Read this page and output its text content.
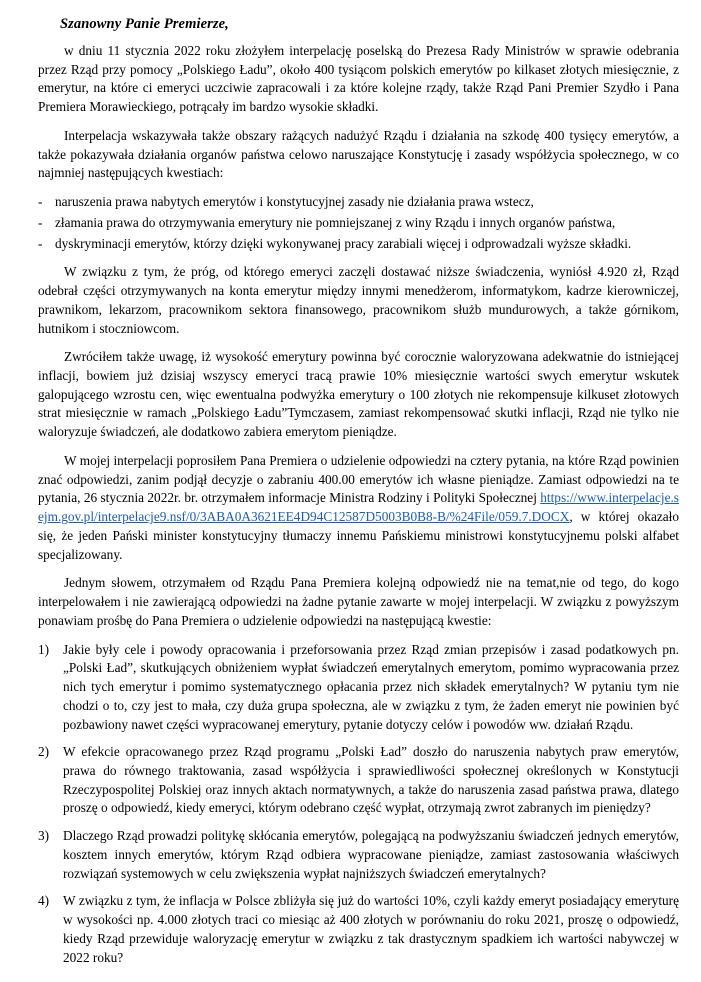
Szanowny Panie Premierze,

w dniu 11 stycznia 2022 roku złożyłem interpelację poselską do Prezesa Rady Ministrów w sprawie odebrania przez Rząd przy pomocy „Polskiego Ładu”, około 400 tysiącom polskich emerytów po kilkaset złotych miesięcznie, z emerytur, na które ci emeryci uczciwie zapracowali i za które kolejne rządy, także Rząd Pani Premier Szydło i Pana Premiera Morawieckiego, potrącały im bardzo wysokie składki.

Interpelacja wskazywała także obszary rażących nadużyć Rządu i działania na szkodę 400 tysięcy emerytów, a także pokazywała działania organów państwa celowo naruszające Konstytucję i zasady współżycia społecznego, w co najmniej następujących kwestiach:

- naruszenia prawa nabytych emerytów i konstytucyjnej zasady nie działania prawa wstecz,
- złamania prawa do otrzymywania emerytury nie pomniejszanej z winy Rządu i innych organów państwa,
- dyskryminacji emerytów, którzy dzięki wykonywanej pracy zarabiali więcej i odprowadzali wyższe składki.

W związku z tym, że próg, od którego emeryci zaczęli dostawać niższe świadczenia, wyniósł 4.920 zł, Rząd odebrał części otrzymywanych na konta emerytur między innymi menedżerom, informatykom, kadrze kierowniczej, prawnikom, lekarzom, pracownikom sektora finansowego, pracownikom służb mundurowych, a także górnikom, hutnikom i stoczniowcom.

Zwróciłem także uwagę, iż wysokość emerytury powinna być corocznie waloryzowana adekwatnie do istniejącej inflacji, bowiem już dzisiaj wszyscy emeryci tracą prawie 10% miesięcznie wartości swych emerytur wskutek galopującego wzrostu cen, więc ewentualna podwyżka emerytury o 100 złotych nie rekompensuje kilkuset złotowych strat miesięcznie w ramach „Polskiego Ładu”Tymczasem, zamiast rekompensować skutki inflacji, Rząd nie tylko nie waloryzuje świadczeń, ale dodatkowo zabiera emerytom pieniądze.

W mojej interpelacji poprosiłem Pana Premiera o udzielenie odpowiedzi na cztery pytania, na które Rząd powinien znać odpowiedzi, zanim podjął decyzje o zabraniu 400.00 emerytów ich własne pieniądze. Zamiast odpowiedzi na te pytania, 26 stycznia 2022r. br. otrzymałem informacje Ministra Rodziny i Polityki Społecznej https://www.interpelacje.sejm.gov.pl/interpelacje9.nsf/0/3ABA0A3621EE4D94C12587D5003B0B8-B/%24File/059.7.DOCX, w której okazało się, że jeden Pański minister konstytucyjny tłumaczy innemu Pańskiemu ministrowi konstytucyjnemu polski alfabet specjalizowany.

Jednym słowem, otrzymałem od Rządu Pana Premiera kolejną odpowiedź nie na temat,nie od tego, do kogo interpelowałem i nie zawierającą odpowiedzi na żadne pytanie zawarte w mojej interpelacji. W związku z powyższym ponawiam prośbę do Pana Premiera o udzielenie odpowiedzi na następującą kwestie:

1)	Jakie były cele i powody opracowania i przeforsowania przez Rząd zmian przepisów i zasad podatkowych pn. „Polski Ład”, skutkujących obniżeniem wypłat świadczeń emerytalnych emerytom, pomimo wypracowania przez nich tych emerytur i pomimo systematycznego opłacania przez nich składek emerytalnych? W pytaniu tym nie chodzi o to, czy jest to mała, czy duża grupa społeczna, ale w związku z tym, że żaden emeryt nie powinien być pozbawiony nawet części wypracowanej emerytury, pytanie dotyczy celów i powodów ww. działań Rządu.
2)	W efekcie opracowanego przez Rząd programu „Polski Ład” doszło do naruszenia nabytych praw emerytów, prawa do równego traktowania, zasad współżycia i sprawiedliwości społecznej określonych w Konstytucji Rzeczypospolitej Polskiej oraz innych aktach normatywnych, a także do naruszenia zasad państwa prawa, dlatego proszę o odpowiedź, kiedy emeryci, którym odebrano część wypłat, otrzymają zwrot zabranych im pieniędzy?
3)	Dlaczego Rząd prowadzi politykę skłócania emerytów, polegającą na podwyższaniu świadczeń jednych emerytów, kosztem innych emerytów, którym Rząd odbiera wypracowane pieniądze, zamiast zastosowania właściwych rozwiązań systemowych w celu zwiększenia wypłat najniższych świadczeń emerytalnych?
4)	W związku z tym, że inflacja w Polsce zbliżyła się już do wartości 10%, czyli każdy emeryt posiadający emeryturę w wysokości np. 4.000 złotych traci co miesiąc aż 400 złotych w porównaniu do roku 2021, proszę o odpowiedź, kiedy Rząd przewiduje waloryzację emerytur w związku z tak drastycznym spadkiem ich wartości nabywczej w 2022 roku?
